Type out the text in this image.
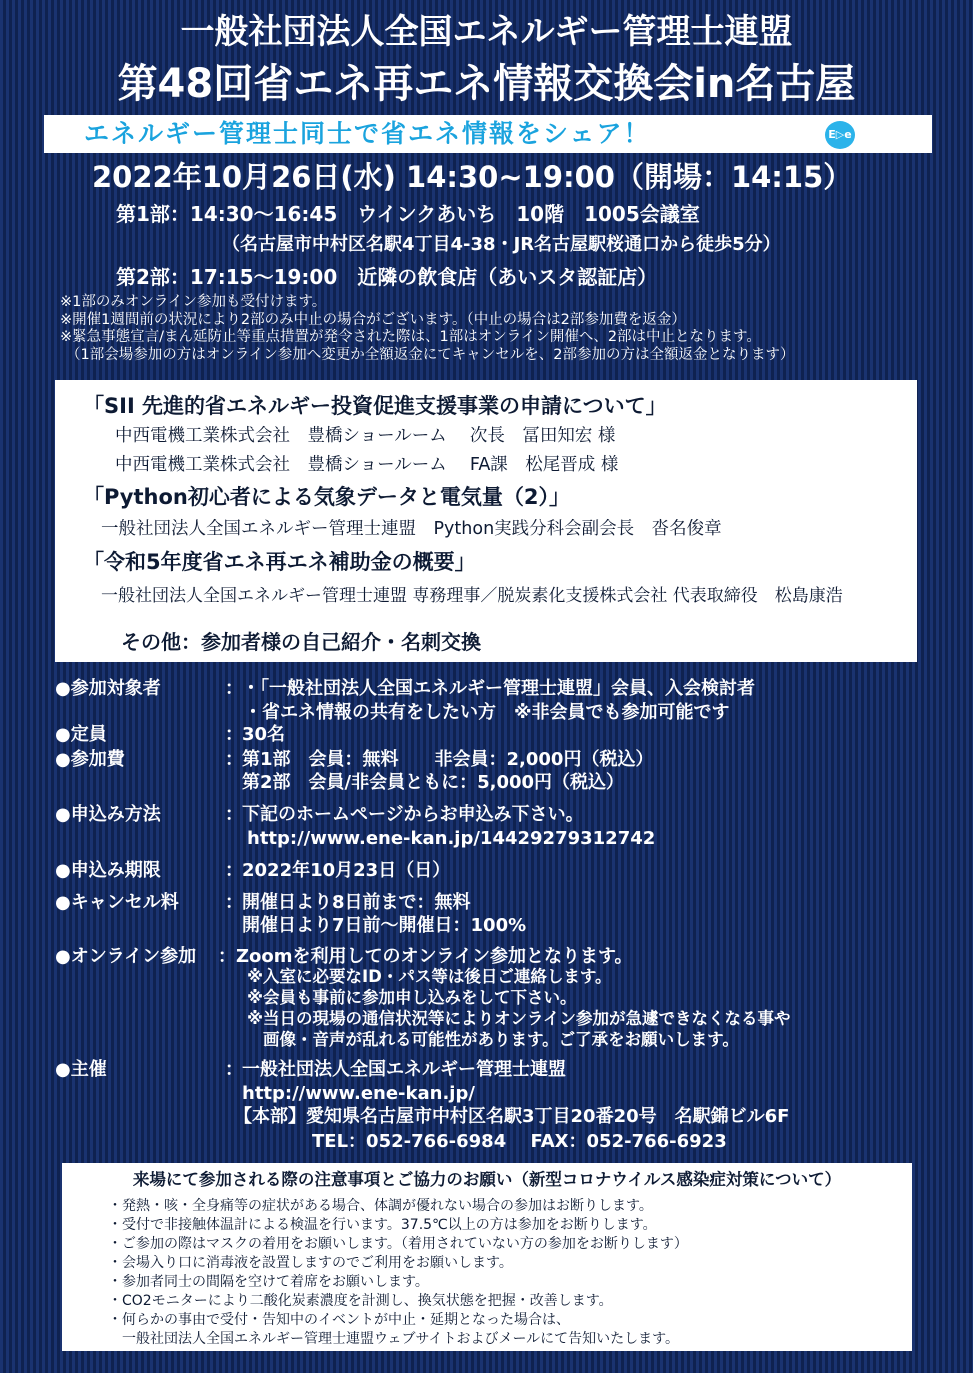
一般社団法人全国エネルギー管理士連盟
第48回省エネ再エネ情報交換会in名古屋
エネルギー管理士同士で省エネ情報をシェア！	E▷e
2022年10月26日(水) 14:30~19:00（開場：14:15）
第1部：14:30～16:45　ウインクあいち　10階　1005会議室
（名古屋市中村区名駅4丁目4-38・JR名古屋駅桜通口から徒歩5分）
第2部：17:15～19:00　近隣の飲食店（あいスタ認証店）
※1部のみオンライン参加も受付けます。
※開催1週間前の状況により2部のみ中止の場合がございます。（中止の場合は2部参加費を返金）
※緊急事態宣言/まん延防止等重点措置が発令された際は、1部はオンライン開催へ、2部は中止となります。
（1部会場参加の方はオンライン参加へ変更か全額返金にてキャンセルを、2部参加の方は全額返金となります）
「SII 先進的省エネルギー投資促進支援事業の申請について」
中西電機工業株式会社　豊橋ショールーム　 次長　冨田知宏 様
中西電機工業株式会社　豊橋ショールーム　 FA課　松尾晋成 様
「Python初心者による気象データと電気量（2）」
一般社団法人全国エネルギー管理士連盟　Python実践分科会副会長　沓名俊章
「令和5年度省エネ再エネ補助金の概要」
一般社団法人全国エネルギー管理士連盟 専務理事／脱炭素化支援株式会社 代表取締役　松島康浩
その他：参加者様の自己紹介・名刺交換
●参加対象者	： ・「一般社団法人全国エネルギー管理士連盟」会員、入会検討者
・省エネ情報の共有をしたい方　※非会員でも参加可能です
●定員	： 30名
●参加費	： 第1部　会員：無料　　非会員：2,000円（税込）
第2部　会員/非会員ともに：5,000円（税込）
●申込み方法	： 下記のホームページからお申込み下さい。
http://www.ene-kan.jp/14429279312742
●申込み期限	： 2022年10月23日（日）
●キャンセル料	： 開催日より8日前まで：無料
開催日より7日前～開催日：100%
●オンライン参加 ： Zoomを利用してのオンライン参加となります。
※入室に必要なID・パス等は後日ご連絡します。
※会員も事前に参加申し込みをして下さい。
※当日の現場の通信状況等によりオンライン参加が急遽できなくなる事や
画像・音声が乱れる可能性があります。ご了承をお願いします。
●主催	： 一般社団法人全国エネルギー管理士連盟
http://www.ene-kan.jp/
【本部】愛知県名古屋市中村区名駅3丁目20番20号　名駅錦ビル6F
TEL：052-766-6984　 FAX：052-766-6923
来場にて参加される際の注意事項とご協力のお願い（新型コロナウイルス感染症対策について）
・発熱・咳・全身痛等の症状がある場合、体調が優れない場合の参加はお断りします。
・受付で非接触体温計による検温を行います。37.5℃以上の方は参加をお断りします。
・ご参加の際はマスクの着用をお願いします。（着用されていない方の参加をお断りします）
・会場入り口に消毒液を設置しますのでご利用をお願いします。
・参加者同士の間隔を空けて着席をお願いします。
・CO2モニターにより二酸化炭素濃度を計測し、換気状態を把握・改善します。
・何らかの事由で受付・告知中のイベントが中止・延期となった場合は、
　一般社団法人全国エネルギー管理士連盟ウェブサイトおよびメールにて告知いたします。
